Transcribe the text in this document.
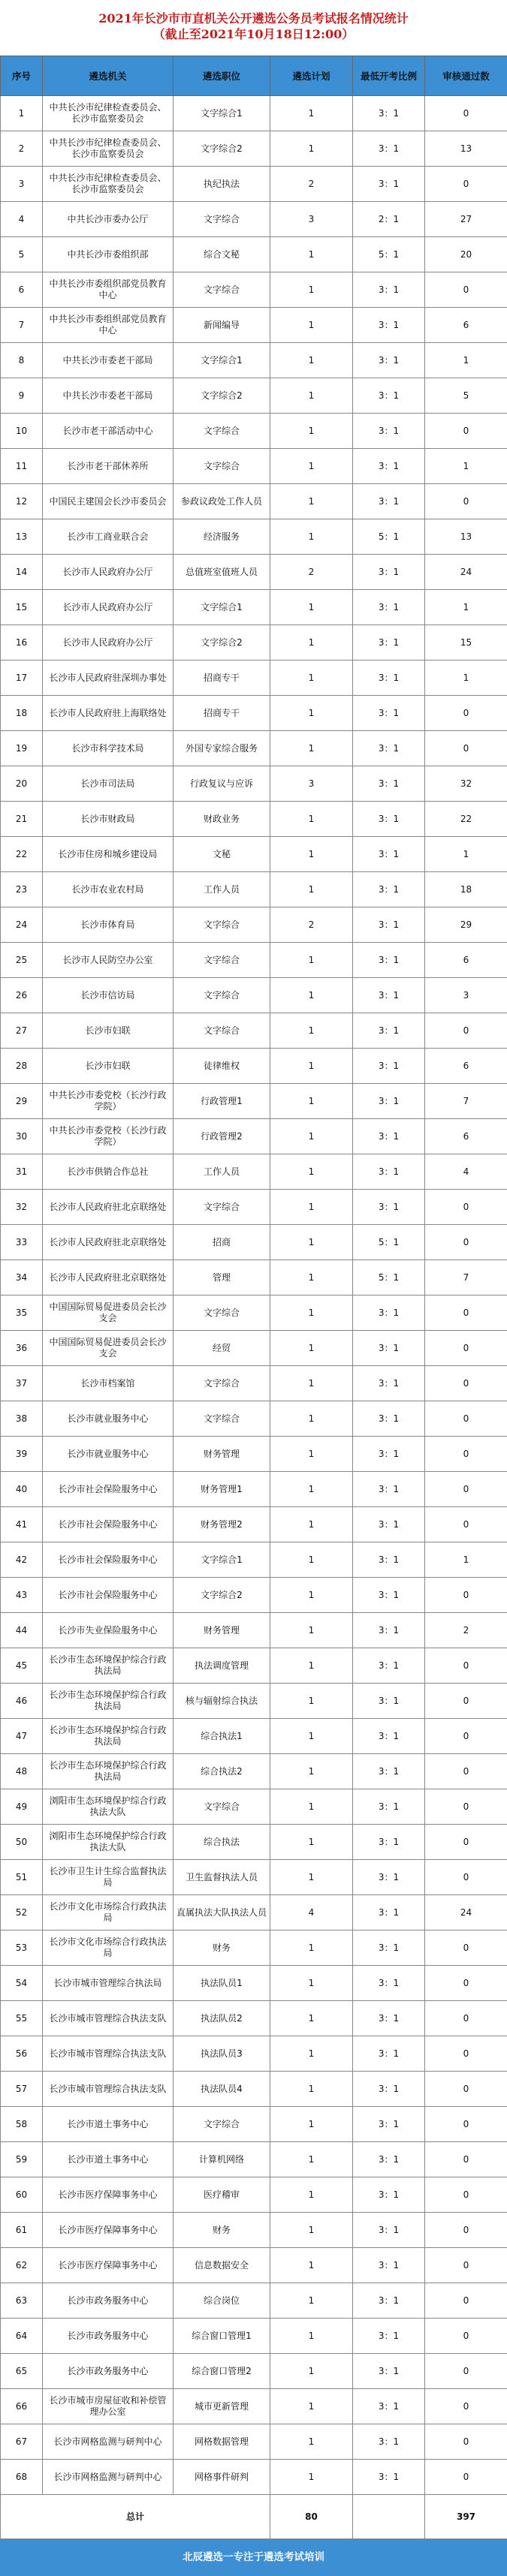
2021年长沙市市直机关公开遴选公务员考试报名情况统计
（截止至2021年10月18日12:00）
序号	遴选机关	遴选职位	遴选计划	最低开考比例	审核通过数
1	中共长沙市纪律检查委员会、长沙市监察委员会	文字综合1	1	3：1	0
2	中共长沙市纪律检查委员会、长沙市监察委员会	文字综合2	1	3：1	13
3	中共长沙市纪律检查委员会、长沙市监察委员会	执纪执法	2	3：1	0
4	中共长沙市委办公厅	文字综合	3	2：1	27
5	中共长沙市委组织部	综合文秘	1	5：1	20
6	中共长沙市委组织部党员教育中心	文字综合	1	3：1	0
7	中共长沙市委组织部党员教育中心	新闻编导	1	3：1	6
8	中共长沙市委老干部局	文字综合1	1	3：1	1
9	中共长沙市委老干部局	文字综合2	1	3：1	5
10	长沙市老干部活动中心	文字综合	1	3：1	0
11	长沙市老干部休养所	文字综合	1	3：1	1
12	中国民主建国会长沙市委员会	参政议政处工作人员	1	3：1	0
13	长沙市工商业联合会	经济服务	1	5：1	13
14	长沙市人民政府办公厅	总值班室值班人员	2	3：1	24
15	长沙市人民政府办公厅	文字综合1	1	3：1	1
16	长沙市人民政府办公厅	文字综合2	1	3：1	15
17	长沙市人民政府驻深圳办事处	招商专干	1	3：1	1
18	长沙市人民政府驻上海联络处	招商专干	1	3：1	0
19	长沙市科学技术局	外国专家综合服务	1	3：1	0
20	长沙市司法局	行政复议与应诉	3	3：1	32
21	长沙市财政局	财政业务	1	3：1	22
22	长沙市住房和城乡建设局	文秘	1	3：1	1
23	长沙市农业农村局	工作人员	1	3：1	18
24	长沙市体育局	文字综合	2	3：1	29
25	长沙市人民防空办公室	文字综合	1	3：1	6
26	长沙市信访局	文字综合	1	3：1	3
27	长沙市妇联	文字综合	1	3：1	0
28	长沙市妇联	徒律维权	1	3：1	6
29	中共长沙市委党校（长沙行政学院）	行政管理1	1	3：1	7
30	中共长沙市委党校（长沙行政学院）	行政管理2	1	3：1	6
31	长沙市供销合作总社	工作人员	1	3：1	4
32	长沙市人民政府驻北京联络处	文字综合	1	3：1	0
33	长沙市人民政府驻北京联络处	招商	1	5：1	0
34	长沙市人民政府驻北京联络处	管理	1	5：1	7
35	中国国际贸易促进委员会长沙支会	文字综合	1	3：1	0
36	中国国际贸易促进委员会长沙支会	经贸	1	3：1	0
37	长沙市档案馆	文字综合	1	3：1	0
38	长沙市就业服务中心	文字综合	1	3：1	0
39	长沙市就业服务中心	财务管理	1	3：1	0
40	长沙市社会保险服务中心	财务管理1	1	3：1	0
41	长沙市社会保险服务中心	财务管理2	1	3：1	0
42	长沙市社会保险服务中心	文字综合1	1	3：1	1
43	长沙市社会保险服务中心	文字综合2	1	3：1	0
44	长沙市失业保险服务中心	财务管理	1	3：1	2
45	长沙市生态环境保护综合行政执法局	执法调度管理	1	3：1	0
46	长沙市生态环境保护综合行政执法局	核与辐射综合执法	1	3：1	0
47	长沙市生态环境保护综合行政执法局	综合执法1	1	3：1	0
48	长沙市生态环境保护综合行政执法局	综合执法2	1	3：1	0
49	浏阳市生态环境保护综合行政执法大队	文字综合	1	3：1	0
50	浏阳市生态环境保护综合行政执法大队	综合执法	1	3：1	0
51	长沙市卫生计生综合监督执法局	卫生监督执法人员	1	3：1	0
52	长沙市文化市场综合行政执法局	直属执法大队执法人员	4	3：1	24
53	长沙市文化市场综合行政执法局	财务	1	3：1	0
54	长沙市城市管理综合执法局	执法队员1	1	3：1	0
55	长沙市城市管理综合执法支队	执法队员2	1	3：1	0
56	长沙市城市管理综合执法支队	执法队员3	1	3：1	0
57	长沙市城市管理综合执法支队	执法队员4	1	3：1	0
58	长沙市道土事务中心	文字综合	1	3：1	0
59	长沙市道土事务中心	计算机网络	1	3：1	0
60	长沙市医疗保障事务中心	医疗稽审	1	3：1	0
61	长沙市医疗保障事务中心	财务	1	3：1	0
62	长沙市医疗保障事务中心	信息数据安全	1	3：1	0
63	长沙市政务服务中心	综合岗位	1	3：1	0
64	长沙市政务服务中心	综合窗口管理1	1	3：1	0
65	长沙市政务服务中心	综合窗口管理2	1	3：1	0
66	长沙市城市房屋征收和补偿管理办公室	城市更新管理	1	3：1	0
67	长沙市网格监测与研判中心	网格数据管理	1	3：1	0
68	长沙市网格监测与研判中心	网格事件研判	1	3：1	0
总计			80		397
北辰遴选一专注于遴选考试培训
